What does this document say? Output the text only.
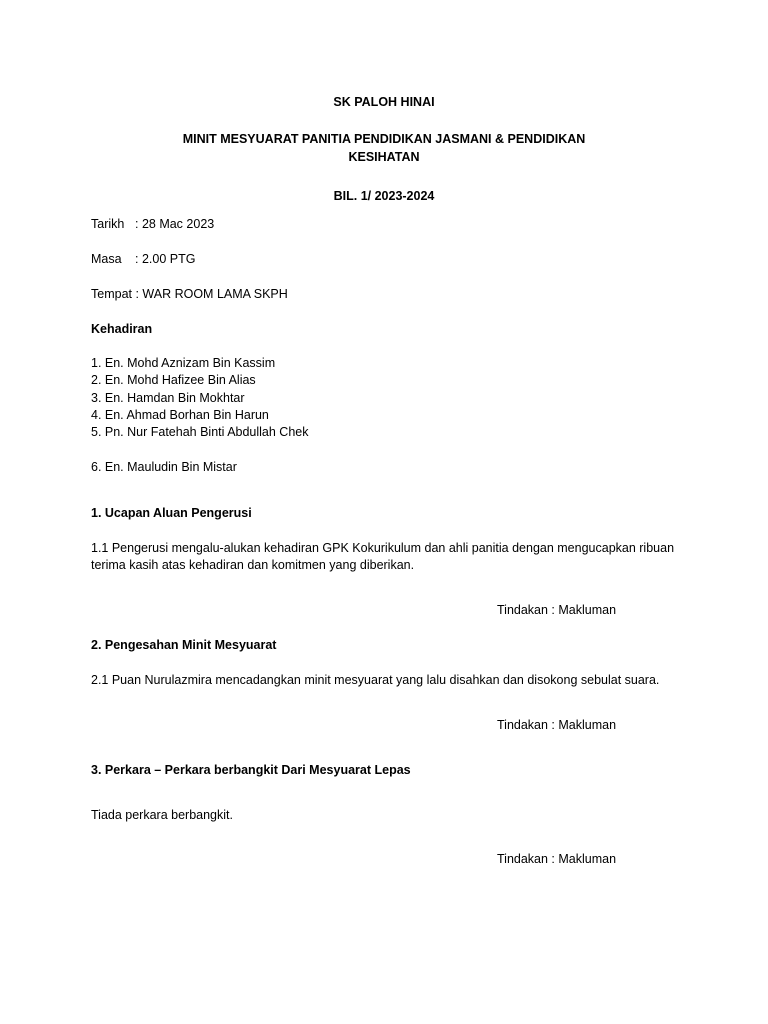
SK PALOH HINAI
MINIT MESYUARAT PANITIA PENDIDIKAN JASMANI & PENDIDIKAN
KESIHATAN
BIL. 1/ 2023-2024
Tarikh : 28 Mac 2023
Masa : 2.00 PTG
Tempat : WAR ROOM LAMA SKPH
Kehadiran
1. En. Mohd Aznizam Bin Kassim
2. En. Mohd Hafizee Bin Alias
3. En. Hamdan Bin Mokhtar
4. En. Ahmad Borhan Bin Harun
5. Pn. Nur Fatehah Binti Abdullah Chek
6. En. Mauludin Bin Mistar
1. Ucapan Aluan Pengerusi
1.1 Pengerusi mengalu-alukan kehadiran GPK Kokurikulum dan ahli panitia dengan mengucapkan ribuan
terima kasih atas kehadiran dan komitmen yang diberikan.
Tindakan : Makluman
2. Pengesahan Minit Mesyuarat
2.1 Puan Nurulazmira mencadangkan minit mesyuarat yang lalu disahkan dan disokong sebulat suara.
Tindakan : Makluman
3. Perkara – Perkara berbangkit Dari Mesyuarat Lepas
Tiada perkara berbangkit.
Tindakan : Makluman
